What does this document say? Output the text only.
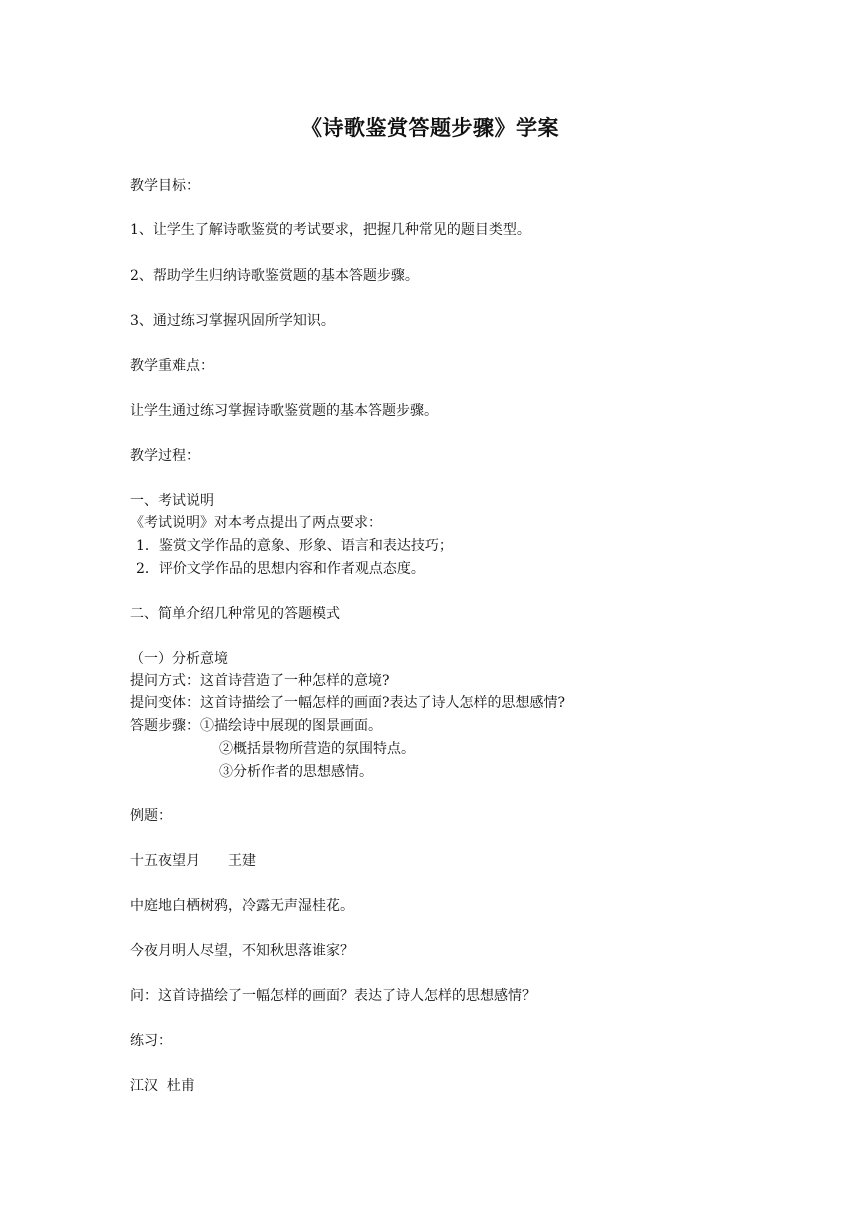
《诗歌鉴赏答题步骤》学案
教学目标：
1、让学生了解诗歌鉴赏的考试要求，把握几种常见的题目类型。
2、帮助学生归纳诗歌鉴赏题的基本答题步骤。
3、通过练习掌握巩固所学知识。
教学重难点：
让学生通过练习掌握诗歌鉴赏题的基本答题步骤。
教学过程：
一、考试说明
《考试说明》对本考点提出了两点要求：
1．鉴赏文学作品的意象、形象、语言和表达技巧；
2．评价文学作品的思想内容和作者观点态度。
二、简单介绍几种常见的答题模式
（一）分析意境
提问方式：这首诗营造了一种怎样的意境?
提问变体：这首诗描绘了一幅怎样的画面?表达了诗人怎样的思想感情?
答题步骤：①描绘诗中展现的图景画面。
②概括景物所营造的氛围特点。
③分析作者的思想感情。
例题：
十五夜望月　　王建
中庭地白栖树鸦，冷露无声湿桂花。
今夜月明人尽望，不知秋思落谁家？
问：这首诗描绘了一幅怎样的画面？表达了诗人怎样的思想感情？
练习：
江汉  杜甫
